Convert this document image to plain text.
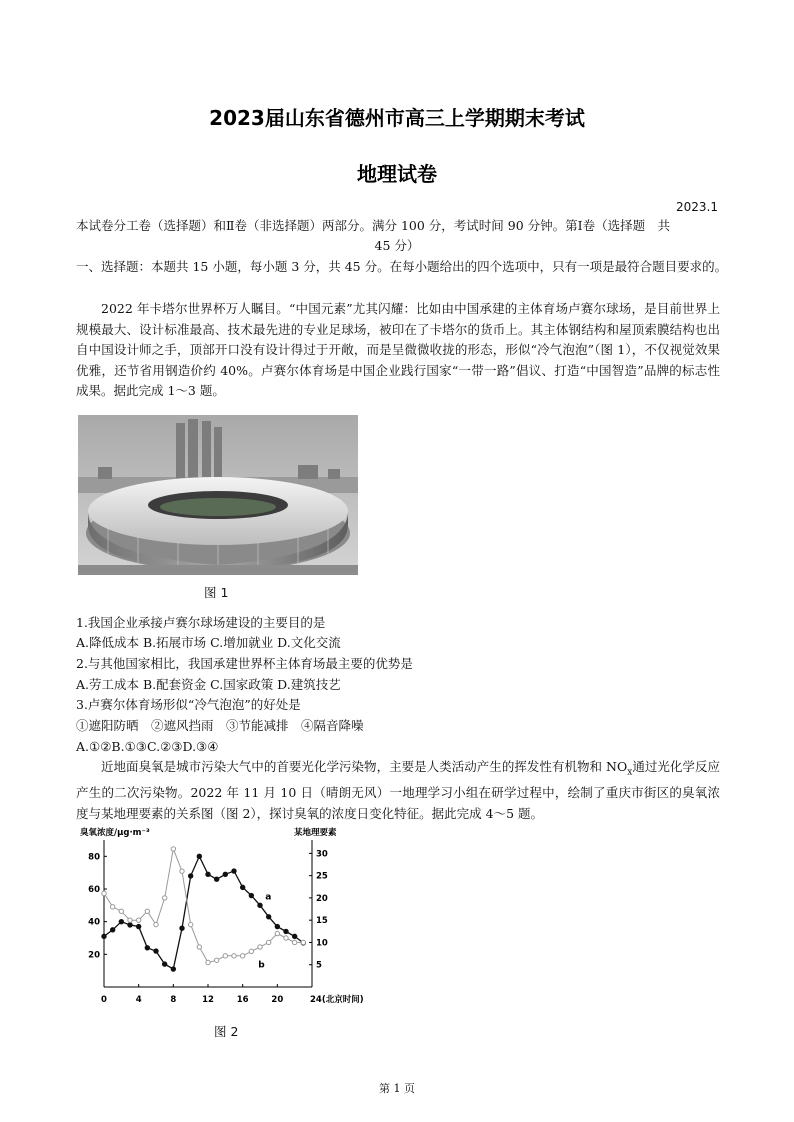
2023届山东省德州市高三上学期期末考试
地理试卷
2023.1
本试卷分工卷（选择题）和Ⅱ卷（非选择题）两部分。满分 100 分，考试时间 90 分钟。第Ⅰ卷（选择题　共
45 分）
一、选择题：本题共 15 小题，每小题 3 分，共 45 分。在每小题给出的四个选项中，只有一项是最符合题目要求的。
2022 年卡塔尔世界杯万人瞩目。“中国元素”尤其闪耀：比如由中国承建的主体育场卢赛尔球场，是目前世界上规模最大、设计标准最高、技术最先进的专业足球场，被印在了卡塔尔的货币上。其主体钢结构和屋顶索膜结构也出自中国设计师之手，顶部开口没有设计得过于开敞，而是呈微微收拢的形态，形似“冷气泡泡”（图 1），不仅视觉效果优雅，还节省用钢造价约 40%。卢赛尔体育场是中国企业践行国家“一带一路”倡议、打造“中国智造”品牌的标志性成果。据此完成 1～3 题。
图 1
1.我国企业承接卢赛尔球场建设的主要目的是
A.降低成本 B.拓展市场 C.增加就业 D.文化交流
2.与其他国家相比，我国承建世界杯主体育场最主要的优势是
A.劳工成本 B.配套资金 C.国家政策 D.建筑技艺
3.卢赛尔体育场形似“冷气泡泡”的好处是
①遮阳防晒　②遮风挡雨　③节能减排　④隔音降噪
A.①②B.①③C.②③D.③④
近地面臭氧是城市污染大气中的首要光化学污染物，主要是人类活动产生的挥发性有机物和 $NO_x$通过光化学反应产生的二次污染物。2022 年 11 月 10 日（晴朗无风）一地理学习小组在研学过程中，绘制了重庆市街区的臭氧浓度与某地理要素的关系图（图 2），探讨臭氧的浓度日变化特征。据此完成 4～5 题。
臭氧浓度/μg·m⁻³	某地理要素
24(北京时间)
20
40
60
80
5
10
15
20
25
30
0	4	8	12	16	20
a
b
图 2
第 1 页
